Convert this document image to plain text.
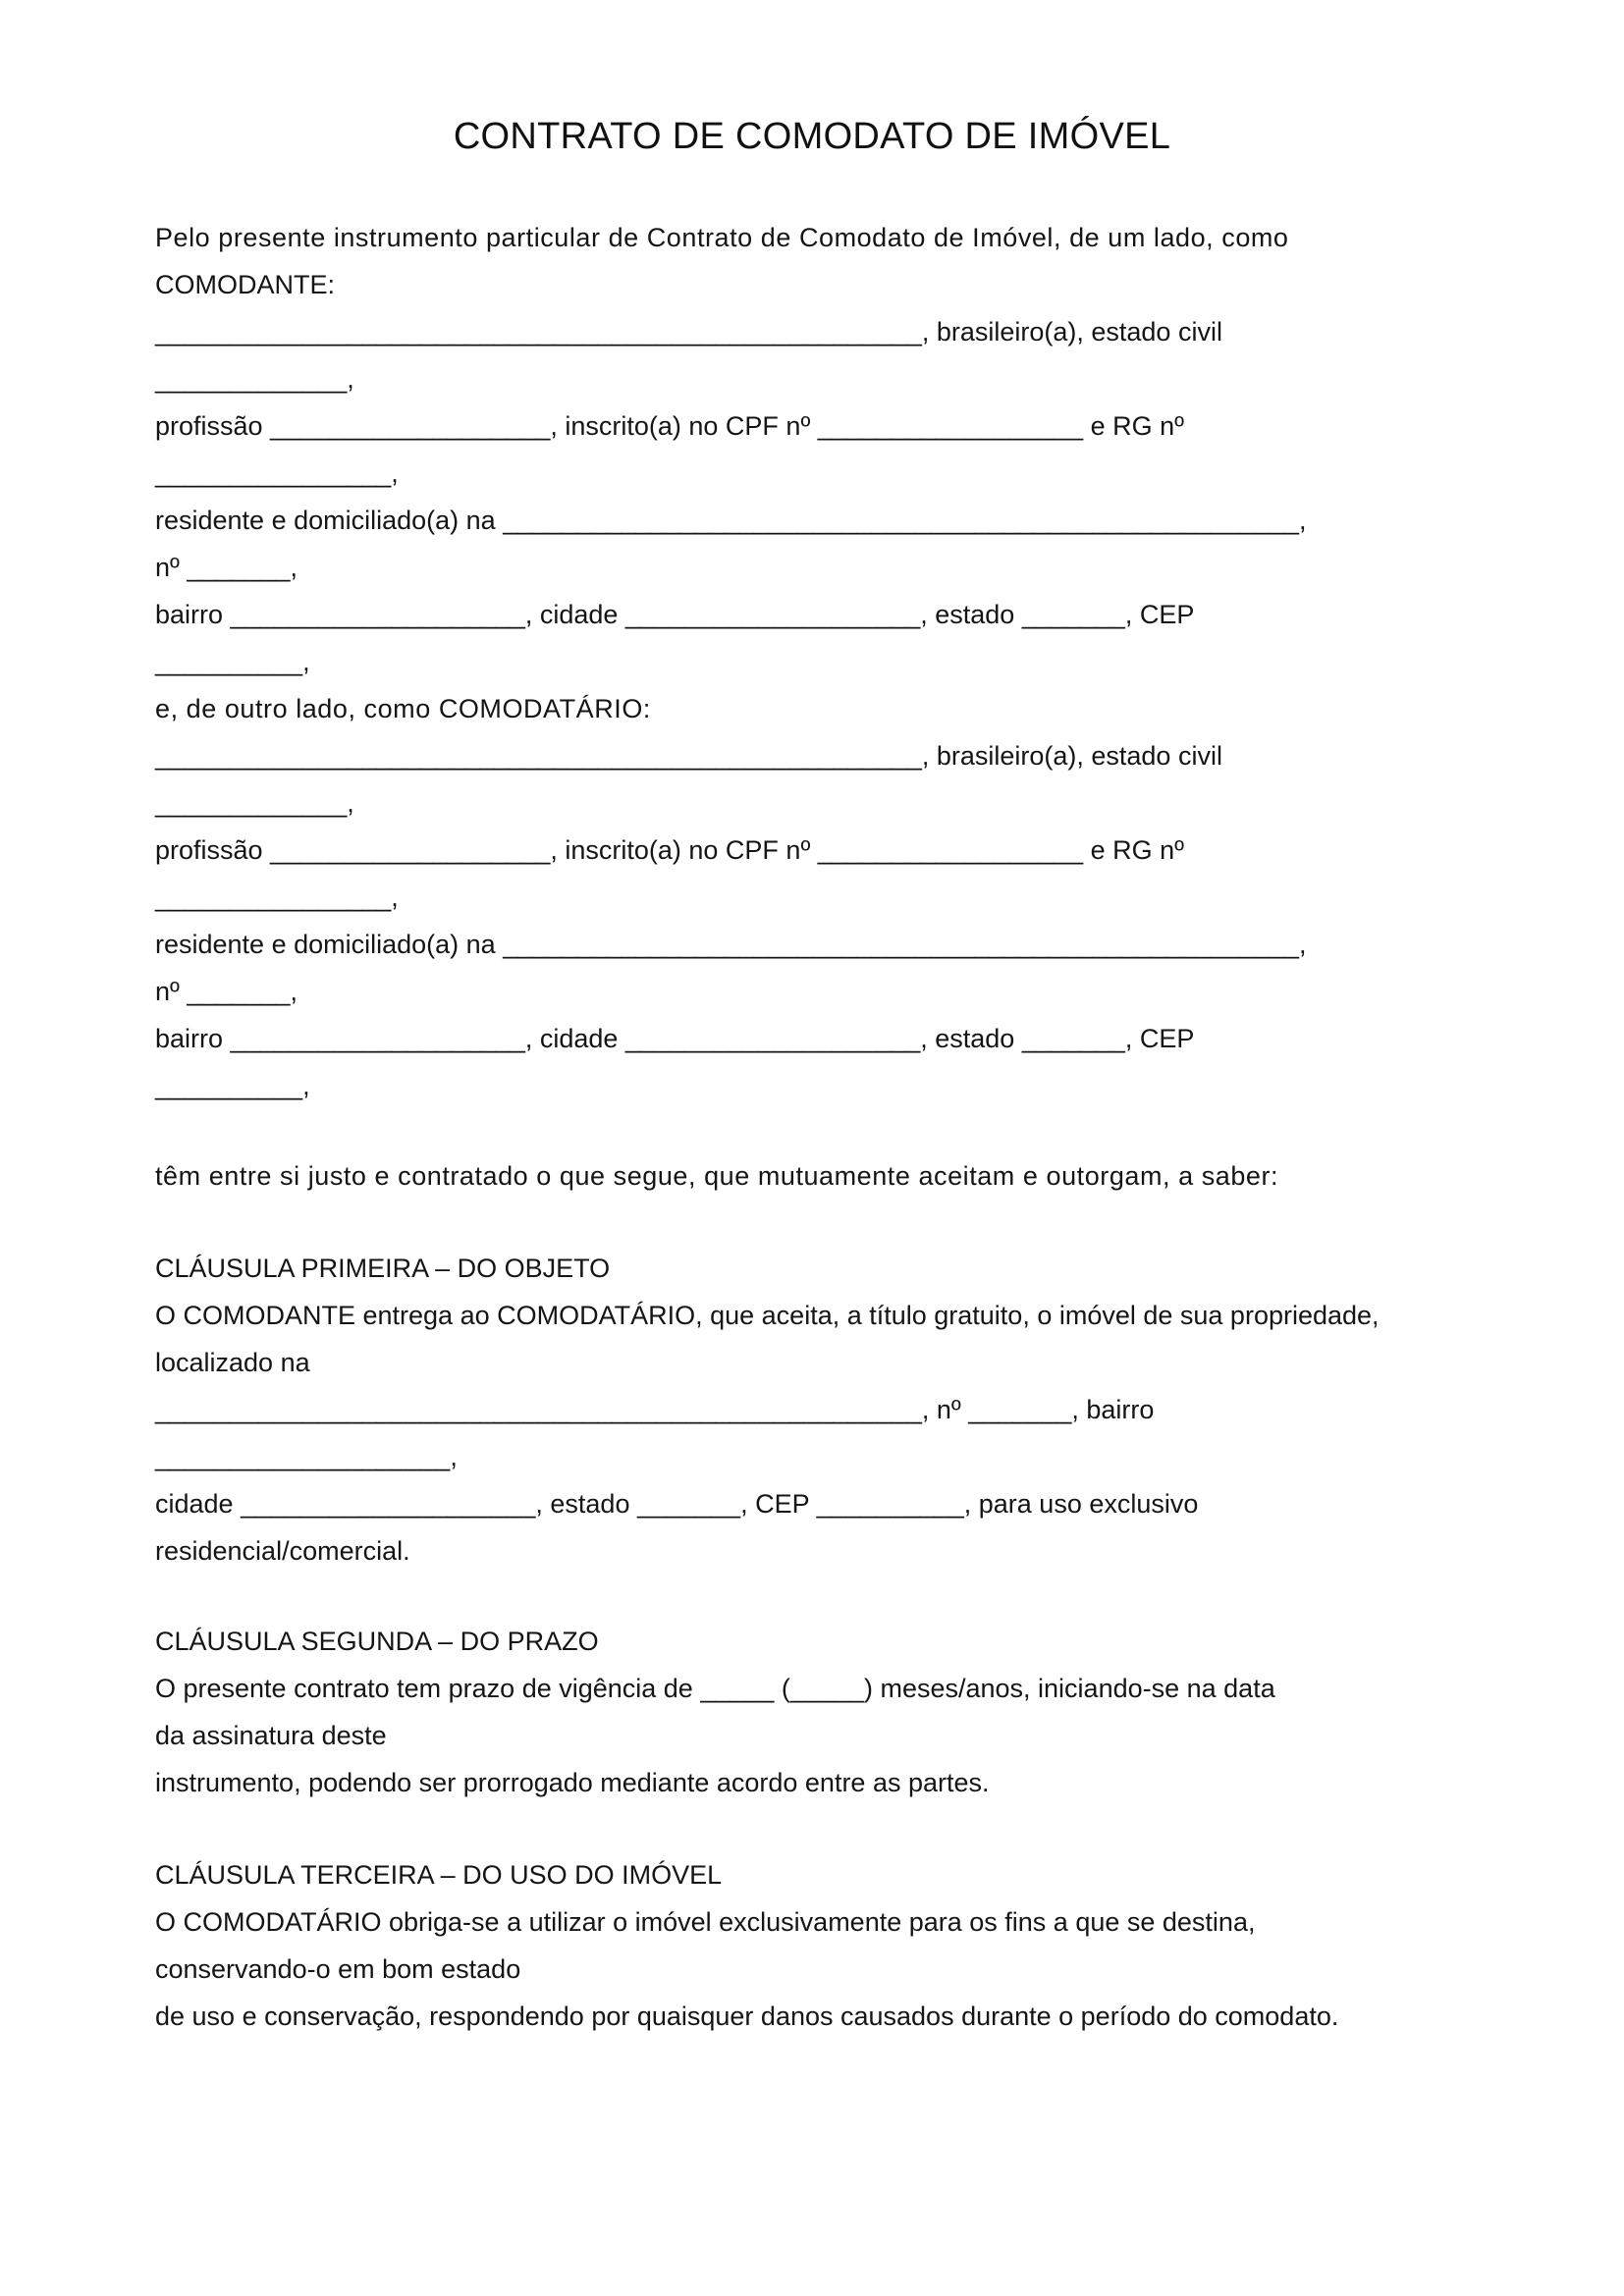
CONTRATO DE COMODATO DE IMÓVEL
Pelo presente instrumento particular de Contrato de Comodato de Imóvel, de um lado, como
COMODANTE:
____________________________________________________, brasileiro(a), estado civil
_____________,
profissão ___________________, inscrito(a) no CPF nº __________________ e RG nº
________________,
residente e domiciliado(a) na ______________________________________________________,
nº _______,
bairro ____________________, cidade ____________________, estado _______, CEP
__________,
e, de outro lado, como COMODATÁRIO:
____________________________________________________, brasileiro(a), estado civil
_____________,
profissão ___________________, inscrito(a) no CPF nº __________________ e RG nº
________________,
residente e domiciliado(a) na ______________________________________________________,
nº _______,
bairro ____________________, cidade ____________________, estado _______, CEP
__________,
têm entre si justo e contratado o que segue, que mutuamente aceitam e outorgam, a saber:
CLÁUSULA PRIMEIRA – DO OBJETO
O COMODANTE entrega ao COMODATÁRIO, que aceita, a título gratuito, o imóvel de sua propriedade,
localizado na
____________________________________________________, nº _______, bairro
____________________,
cidade ____________________, estado _______, CEP __________, para uso exclusivo
residencial/comercial.
CLÁUSULA SEGUNDA – DO PRAZO
O presente contrato tem prazo de vigência de _____ (_____) meses/anos, iniciando-se na data
da assinatura deste
instrumento, podendo ser prorrogado mediante acordo entre as partes.
CLÁUSULA TERCEIRA – DO USO DO IMÓVEL
O COMODATÁRIO obriga-se a utilizar o imóvel exclusivamente para os fins a que se destina,
conservando-o em bom estado
de uso e conservação, respondendo por quaisquer danos causados durante o período do comodato.
